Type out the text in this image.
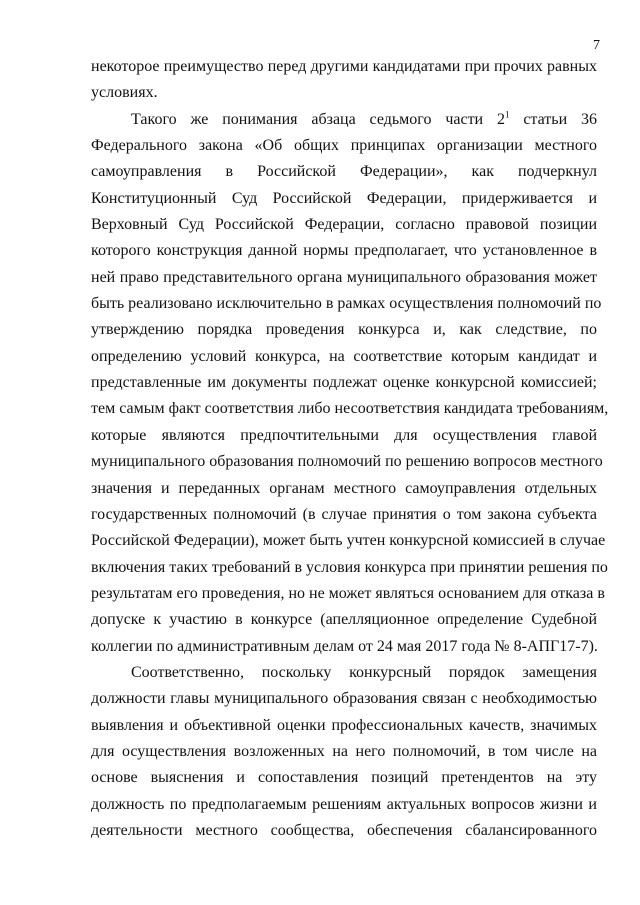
7
некоторое преимущество перед другими кандидатами при прочих равных
условиях.
Такого же понимания абзаца седьмого части $2^1$ статьи 36
Федерального закона «Об общих принципах организации местного
самоуправления в Российской Федерации», как подчеркнул
Конституционный Суд Российской Федерации, придерживается и
Верховный Суд Российской Федерации, согласно правовой позиции
которого конструкция данной нормы предполагает, что установленное в
ней право представительного органа муниципального образования может
быть реализовано исключительно в рамках осуществления полномочий по
утверждению порядка проведения конкурса и, как следствие, по
определению условий конкурса, на соответствие которым кандидат и
представленные им документы подлежат оценке конкурсной комиссией;
тем самым факт соответствия либо несоответствия кандидата требованиям,
которые являются предпочтительными для осуществления главой
муниципального образования полномочий по решению вопросов местного
значения и переданных органам местного самоуправления отдельных
государственных полномочий (в случае принятия о том закона субъекта
Российской Федерации), может быть учтен конкурсной комиссией в случае
включения таких требований в условия конкурса при принятии решения по
результатам его проведения, но не может являться основанием для отказа в
допуске к участию в конкурсе (апелляционное определение Судебной
коллегии по административным делам от 24 мая 2017 года № 8-АПГ17-7).
Соответственно, поскольку конкурсный порядок замещения
должности главы муниципального образования связан с необходимостью
выявления и объективной оценки профессиональных качеств, значимых
для осуществления возложенных на него полномочий, в том числе на
основе выяснения и сопоставления позиций претендентов на эту
должность по предполагаемым решениям актуальных вопросов жизни и
деятельности местного сообщества, обеспечения сбалансированного
